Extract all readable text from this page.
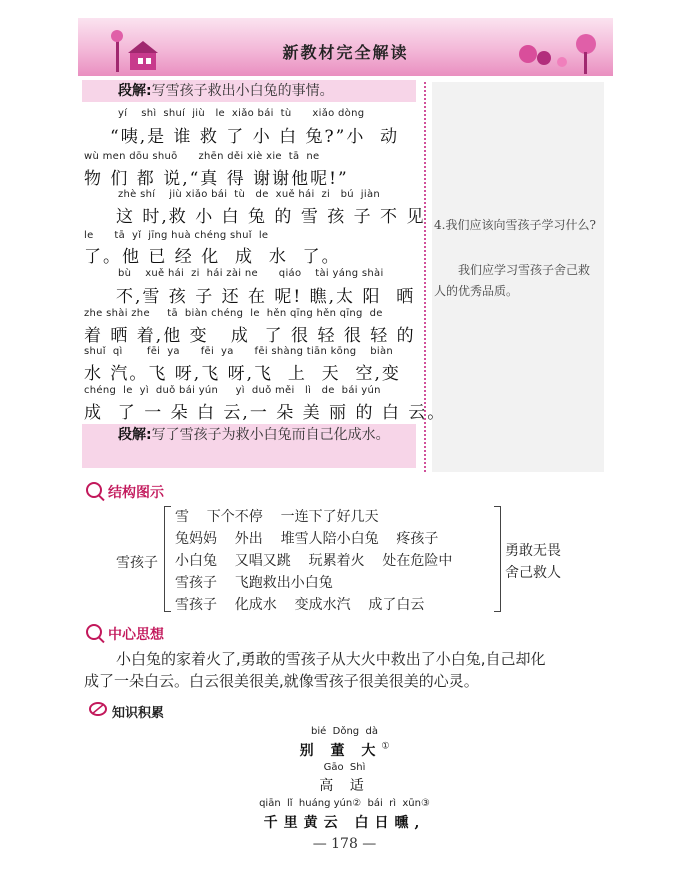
新教材完全解读
4.我们应该向雪孩子学习什么?
我们应学习雪孩子舍己救人的优秀品质。
段解:写雪孩子救出小白兔的事情。
yí    shì  shuí  jiù   le  xiǎo bái  tù      xiǎo dòng
“咦,是 谁 救 了 小 白 兔?”小  动
wù men dōu shuō      zhēn děi xiè xie  tā  ne
物 们 都 说,“真 得 谢谢他呢!”
zhè shí    jiù xiǎo bái  tù   de  xuě hái  zi   bú  jiàn
这 时,救 小 白 兔 的 雪 孩 子 不 见
le      tā  yǐ  jīng huà chéng shuǐ  le
了。他 已 经 化  成  水  了。
bù    xuě hái  zi  hái zài ne      qiáo    tài yáng shài
不,雪 孩 子 还 在 呢! 瞧,太 阳  晒
zhe shài zhe     tā  biàn chéng  le  hěn qīng hěn qīng  de
着 晒 着,他 变   成  了 很 轻 很 轻 的
shuǐ  qì       fēi  ya      fēi  ya      fēi shàng tiān kōng    biàn
水 汽。飞 呀,飞 呀,飞  上  天  空,变
chéng  le  yì  duǒ bái yún     yì  duǒ měi   lì   de  bái yún
成  了 一 朵 白 云,一 朵 美 丽 的 白 云。
段解:写了雪孩子为救小白兔而自己化成水。
结构图示
雪孩子
雪    下个不停    一连下了好几天
兔妈妈    外出    堆雪人陪小白兔    疼孩子
小白兔    又唱又跳    玩累着火    处在危险中
雪孩子    飞跑救出小白兔
雪孩子    化成水    变成水汽    成了白云
勇敢无畏
舍己救人
中心思想
小白兔的家着火了,勇敢的雪孩子从大火中救出了小白兔,自己却化
成了一朵白云。白云很美很美,就像雪孩子很美很美的心灵。
知识积累
bié  Dǒng  dà
别 董 大①
Gāo  Shì
高 适
qiān  lǐ  huáng yún②  bái  rì  xūn③
千里黄云 白日曛,
— 178 —
